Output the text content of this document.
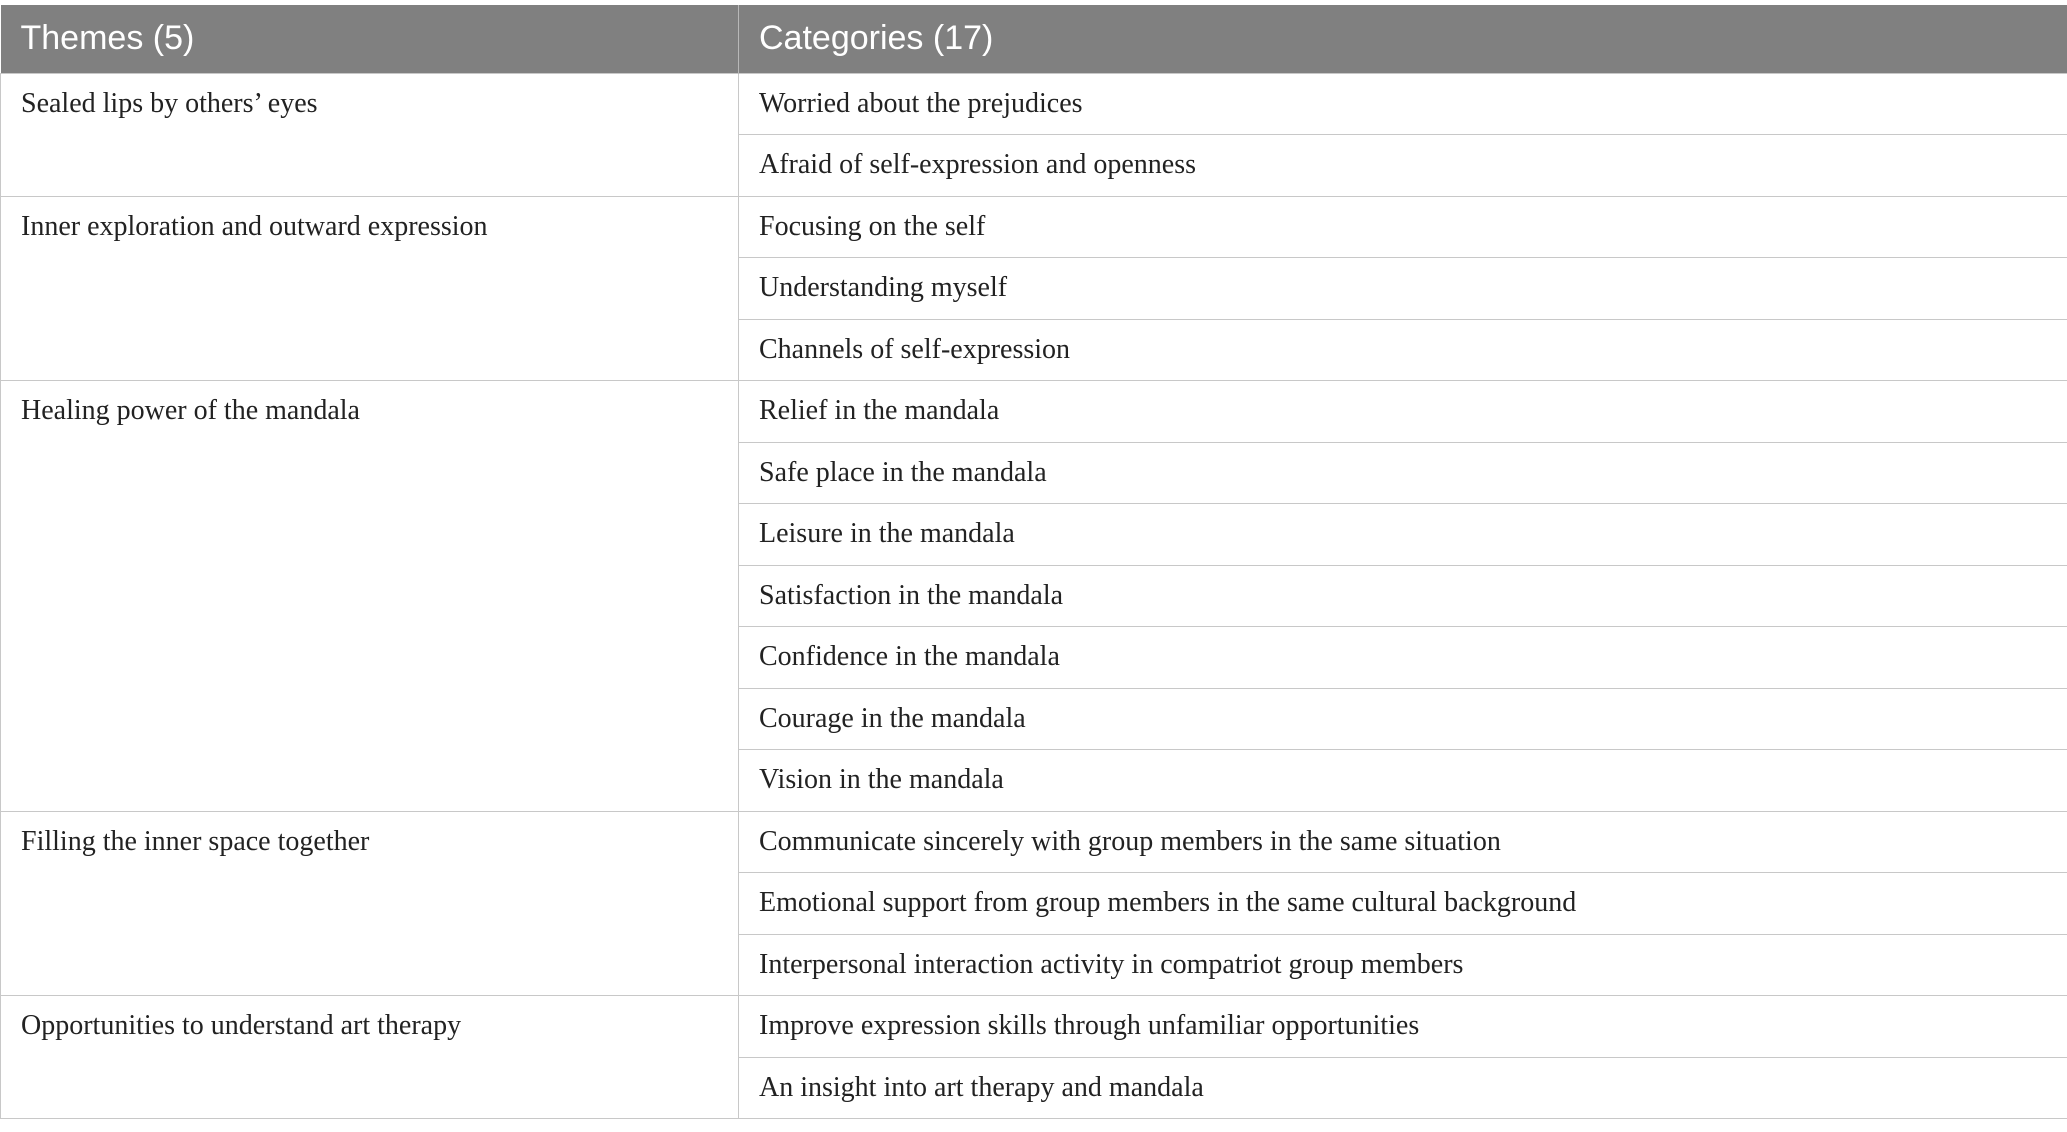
Themes (5)	Categories (17)
Sealed lips by others’ eyes	Worried about the prejudices
	Afraid of self-expression and openness
Inner exploration and outward expression	Focusing on the self
	Understanding myself
	Channels of self-expression
Healing power of the mandala	Relief in the mandala
	Safe place in the mandala
	Leisure in the mandala
	Satisfaction in the mandala
	Confidence in the mandala
	Courage in the mandala
	Vision in the mandala
Filling the inner space together	Communicate sincerely with group members in the same situation
	Emotional support from group members in the same cultural background
	Interpersonal interaction activity in compatriot group members
Opportunities to understand art therapy	Improve expression skills through unfamiliar opportunities
	An insight into art therapy and mandala
